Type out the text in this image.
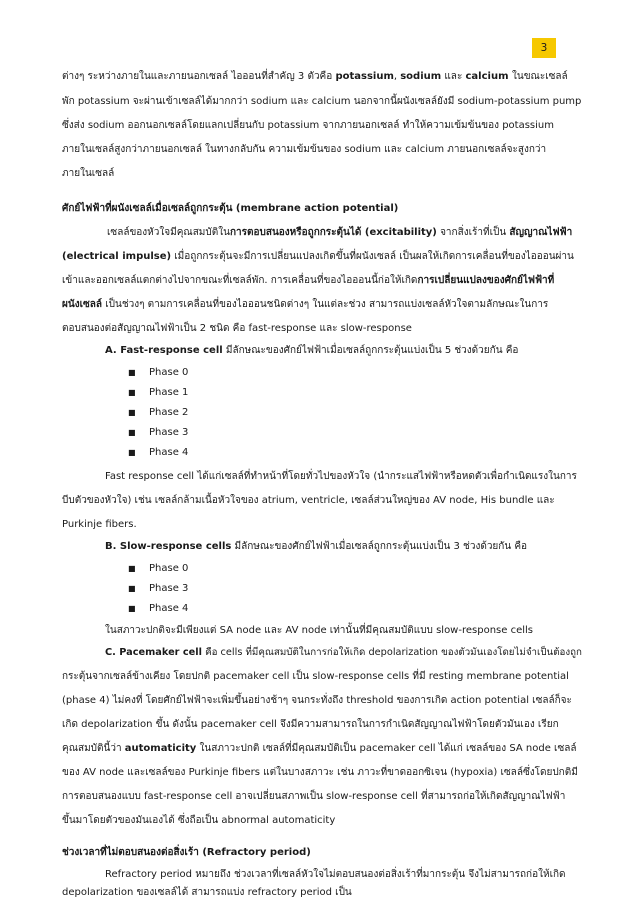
3
ต่างๆ ระหว่างภายในและภายนอกเซลล์ ไอออนที่สำคัญ 3 ตัวคือ potassium, sodium และ calcium ในขณะเซลล์
พัก potassium จะผ่านเข้าเซลล์ได้มากกว่า sodium และ calcium นอกจากนี้ผนังเซลล์ยังมี sodium-potassium pump
ซึ่งส่ง sodium ออกนอกเซลล์โดยแลกเปลี่ยนกับ potassium จากภายนอกเซลล์ ทำให้ความเข้มข้นของ potassium
ภายในเซลล์สูงกว่าภายนอกเซลล์ ในทางกลับกัน ความเข้มข้นของ sodium และ calcium ภายนอกเซลล์จะสูงกว่า
ภายในเซลล์
ศักย์ไฟฟ้าที่ผนังเซลล์เมื่อเซลล์ถูกกระตุ้น (membrane action potential)
เซลล์ของหัวใจมีคุณสมบัติในการตอบสนองหรือถูกกระตุ้นได้ (excitability) จากสิ่งเร้าที่เป็น สัญญาณไฟฟ้า
(electrical impulse) เมื่อถูกกระตุ้นจะมีการเปลี่ยนแปลงเกิดขึ้นที่ผนังเซลล์ เป็นผลให้เกิดการเคลื่อนที่ของไอออนผ่าน
เข้าและออกเซลล์แตกต่างไปจากขณะที่เซลล์พัก. การเคลื่อนที่ของไอออนนี้ก่อให้เกิดการเปลี่ยนแปลงของศักย์ไฟฟ้าที่
ผนังเซลล์ เป็นช่วงๆ ตามการเคลื่อนที่ของไอออนชนิดต่างๆ ในแต่ละช่วง สามารถแบ่งเซลล์หัวใจตามลักษณะในการ
ตอบสนองต่อสัญญาณไฟฟ้าเป็น 2 ชนิด คือ fast-response และ slow-response
A. Fast-response cell มีลักษณะของศักย์ไฟฟ้าเมื่อเซลล์ถูกกระตุ้นแบ่งเป็น 5 ช่วงด้วยกัน คือ
■ Phase 0
■ Phase 1
■ Phase 2
■ Phase 3
■ Phase 4
Fast response cell ได้แก่เซลล์ที่ทำหน้าที่โดยทั่วไปของหัวใจ (นำกระแสไฟฟ้าหรือหดตัวเพื่อกำเนิดแรงในการ
บีบตัวของหัวใจ) เช่น เซลล์กล้ามเนื้อหัวใจของ atrium, ventricle, เซลล์ส่วนใหญ่ของ AV node, His bundle และ
Purkinje fibers.
B. Slow-response cells มีลักษณะของศักย์ไฟฟ้าเมื่อเซลล์ถูกกระตุ้นแบ่งเป็น 3 ช่วงด้วยกัน คือ
■ Phase 0
■ Phase 3
■ Phase 4
ในสภาวะปกติจะมีเพียงแต่ SA node และ AV node เท่านั้นที่มีคุณสมบัติแบบ slow-response cells
C. Pacemaker cell คือ cells ที่มีคุณสมบัติในการก่อให้เกิด depolarization ของตัวมันเองโดยไม่จำเป็นต้องถูก
กระตุ้นจากเซลล์ข้างเคียง โดยปกติ pacemaker cell เป็น slow-response cells ที่มี resting membrane potential
(phase 4) ไม่คงที่ โดยศักย์ไฟฟ้าจะเพิ่มขึ้นอย่างช้าๆ จนกระทั่งถึง threshold ของการเกิด action potential เซลล์ก็จะ
เกิด depolarization ขึ้น ดังนั้น pacemaker cell จึงมีความสามารถในการกำเนิดสัญญาณไฟฟ้าโดยตัวมันเอง เรียก
คุณสมบัตินี้ว่า automaticity ในสภาวะปกติ เซลล์ที่มีคุณสมบัติเป็น pacemaker cell ได้แก่ เซลล์ของ SA node เซลล์
ของ AV node และเซลล์ของ Purkinje fibers แต่ในบางสภาวะ เช่น ภาวะที่ขาดออกซิเจน (hypoxia) เซลล์ซึ่งโดยปกติมี
การตอบสนองแบบ fast-response cell อาจเปลี่ยนสภาพเป็น slow-response cell ที่สามารถก่อให้เกิดสัญญาณไฟฟ้า
ขึ้นมาโดยตัวของมันเองได้ ซึ่งถือเป็น abnormal automaticity
ช่วงเวลาที่ไม่ตอบสนองต่อสิ่งเร้า (Refractory period)
Refractory period หมายถึง ช่วงเวลาที่เซลล์หัวใจไม่ตอบสนองต่อสิ่งเร้าที่มากระตุ้น จึงไม่สามารถก่อให้เกิด
depolarization ของเซลล์ได้ สามารถแบ่ง refractory period เป็น
